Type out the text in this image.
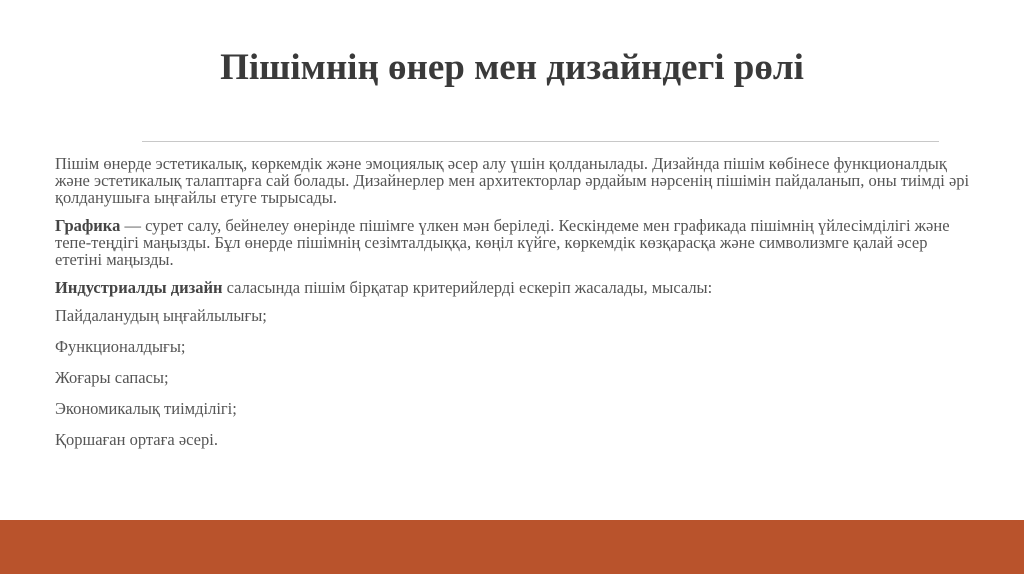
Пішімнің өнер мен дизайндегі рөлі

Пішім өнерде эстетикалық, көркемдік және эмоциялық әсер алу үшін қолданылады. Дизайнда пішім көбінесе функционалдық және эстетикалық талаптарға сай болады. Дизайнерлер мен архитекторлар әрдайым нәрсенің пішімін пайдаланып, оны тиімді әрі қолданушыға ыңғайлы етуге тырысады.

Графика — сурет салу, бейнелеу өнерінде пішімге үлкен мән беріледі. Кескіндеме мен графикада пішімнің үйлесімділігі және тепе-теңдігі маңызды. Бұл өнерде пішімнің сезімталдыққа, көңіл күйге, көркемдік көзқарасқа және символизмге қалай әсер ететіні маңызды.

Индустриалды дизайн саласында пішім бірқатар критерийлерді ескеріп жасалады, мысалы:

Пайдаланудың ыңғайлылығы;

Функционалдығы;

Жоғары сапасы;

Экономикалық тиімділігі;

Қоршаған ортаға әсері.
